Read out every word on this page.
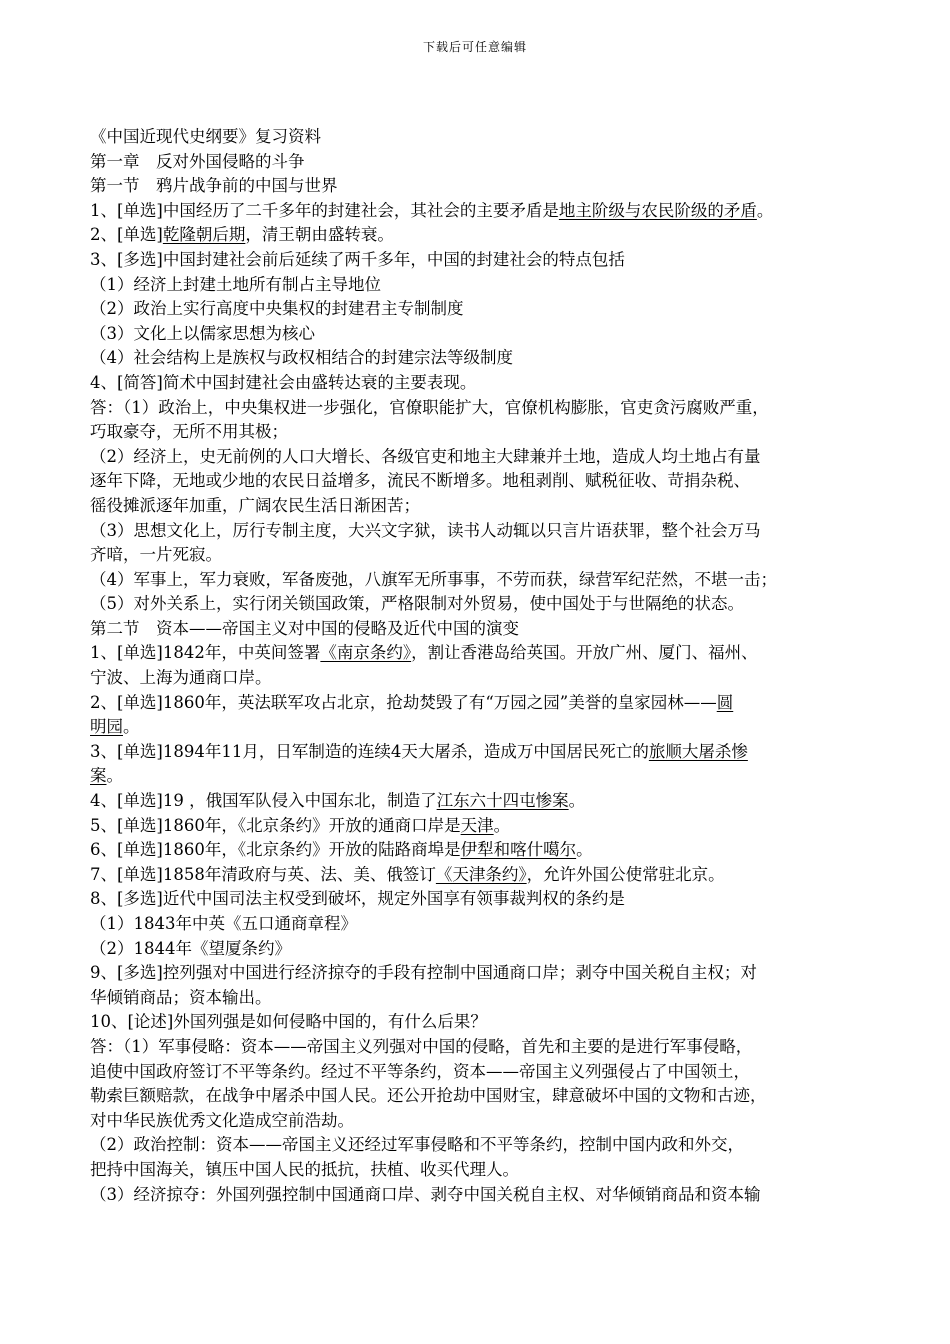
下载后可任意编辑
《中国近现代史纲要》复习资料
第一章　反对外国侵略的斗争
第一节　鸦片战争前的中国与世界
1、[单选]中国经历了二千多年的封建社会，其社会的主要矛盾是地主阶级与农民阶级的矛盾。
2、[单选]乾隆朝后期，清王朝由盛转衰。
3、[多选]中国封建社会前后延续了两千多年，中国的封建社会的特点包括
（1）经济上封建土地所有制占主导地位
（2）政治上实行高度中央集权的封建君主专制制度
（3）文化上以儒家思想为核心
（4）社会结构上是族权与政权相结合的封建宗法等级制度
4、[简答]简术中国封建社会由盛转达衰的主要表现。
答：（1）政治上，中央集权进一步强化，官僚职能扩大，官僚机构膨胀，官吏贪污腐败严重，
巧取豪夺，无所不用其极；
（2）经济上，史无前例的人口大增长、各级官吏和地主大肆兼并土地，造成人均土地占有量
逐年下降，无地或少地的农民日益增多，流民不断增多。地租剥削、赋税征收、苛捐杂税、
徭役摊派逐年加重，广阔农民生活日渐困苦；
（3）思想文化上，厉行专制主度，大兴文字狱，读书人动辄以只言片语获罪，整个社会万马
齐喑，一片死寂。
（4）军事上，军力衰败，军备废弛，八旗军无所事事，不劳而获，绿营军纪茫然，不堪一击；
（5）对外关系上，实行闭关锁国政策，严格限制对外贸易，使中国处于与世隔绝的状态。
第二节　资本——帝国主义对中国的侵略及近代中国的演变
1、[单选]1842年，中英间签署《南京条约》，割让香港岛给英国。开放广州、厦门、福州、
宁波、上海为通商口岸。
2、[单选]1860年，英法联军攻占北京，抢劫焚毁了有“万园之园”美誉的皇家园林——圆
明园。
3、[单选]1894年11月，日军制造的连续4天大屠杀，造成万中国居民死亡的旅顺大屠杀惨
案。
4、[单选]19 ，俄国军队侵入中国东北，制造了江东六十四屯惨案。
5、[单选]1860年，《北京条约》开放的通商口岸是天津。
6、[单选]1860年，《北京条约》开放的陆路商埠是伊犁和喀什噶尔。
7、[单选]1858年清政府与英、法、美、俄签订《天津条约》，允许外国公使常驻北京。
8、[多选]近代中国司法主权受到破坏，规定外国享有领事裁判权的条约是
（1）1843年中英《五口通商章程》
（2）1844年《望厦条约》
9、[多选]控列强对中国进行经济掠夺的手段有控制中国通商口岸；剥夺中国关税自主权；对
华倾销商品；资本输出。
10、[论述]外国列强是如何侵略中国的，有什么后果？
答：（1）军事侵略：资本——帝国主义列强对中国的侵略，首先和主要的是进行军事侵略，
追使中国政府签订不平等条约。经过不平等条约，资本——帝国主义列强侵占了中国领土，
勒索巨额赔款，在战争中屠杀中国人民。还公开抢劫中国财宝，肆意破坏中国的文物和古迹，
对中华民族优秀文化造成空前浩劫。
（2）政治控制：资本——帝国主义还经过军事侵略和不平等条约，控制中国内政和外交，
把持中国海关，镇压中国人民的抵抗，扶植、收买代理人。
（3）经济掠夺：外国列强控制中国通商口岸、剥夺中国关税自主权、对华倾销商品和资本输
